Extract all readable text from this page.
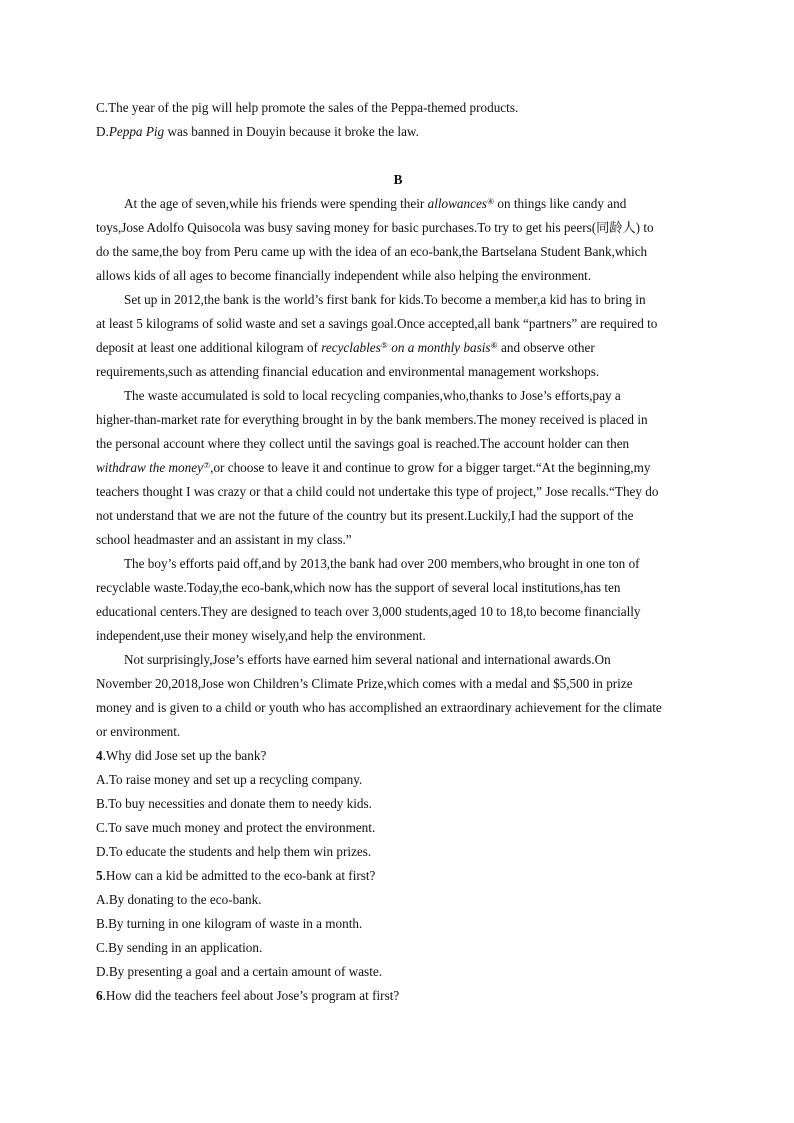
C.The year of the pig will help promote the sales of the Peppa-themed products.

D.Peppa Pig was banned in Douyin because it broke the law.

B

At the age of seven,while his friends were spending their allowances④ on things like candy and

toys,Jose Adolfo Quisocola was busy saving money for basic purchases.To try to get his peers(同龄人) to

do the same,the boy from Peru came up with the idea of an eco-bank,the Bartselana Student Bank,which

allows kids of all ages to become financially independent while also helping the environment.

Set up in 2012,the bank is the world’s first bank for kids.To become a member,a kid has to bring in

at least 5 kilograms of solid waste and set a savings goal.Once accepted,all bank “partners” are required to

deposit at least one additional kilogram of recyclables⑤ on a monthly basis⑥ and observe other

requirements,such as attending financial education and environmental management workshops.

The waste accumulated is sold to local recycling companies,who,thanks to Jose’s efforts,pay a

higher-than-market rate for everything brought in by the bank members.The money received is placed in

the personal account where they collect until the savings goal is reached.The account holder can then

withdraw the money⑦,or choose to leave it and continue to grow for a bigger target.“At the beginning,my

teachers thought I was crazy or that a child could not undertake this type of project,” Jose recalls.“They do

not understand that we are not the future of the country but its present.Luckily,I had the support of the

school headmaster and an assistant in my class.”

The boy’s efforts paid off,and by 2013,the bank had over 200 members,who brought in one ton of

recyclable waste.Today,the eco-bank,which now has the support of several local institutions,has ten

educational centers.They are designed to teach over 3,000 students,aged 10 to 18,to become financially

independent,use their money wisely,and help the environment.

Not surprisingly,Jose’s efforts have earned him several national and international awards.On

November 20,2018,Jose won Children’s Climate Prize,which comes with a medal and $5,500 in prize

money and is given to a child or youth who has accomplished an extraordinary achievement for the climate

or environment.

4.Why did Jose set up the bank?

A.To raise money and set up a recycling company.

B.To buy necessities and donate them to needy kids.

C.To save much money and protect the environment.

D.To educate the students and help them win prizes.

5.How can a kid be admitted to the eco-bank at first?

A.By donating to the eco-bank.

B.By turning in one kilogram of waste in a month.

C.By sending in an application.

D.By presenting a goal and a certain amount of waste.

6.How did the teachers feel about Jose’s program at first?
